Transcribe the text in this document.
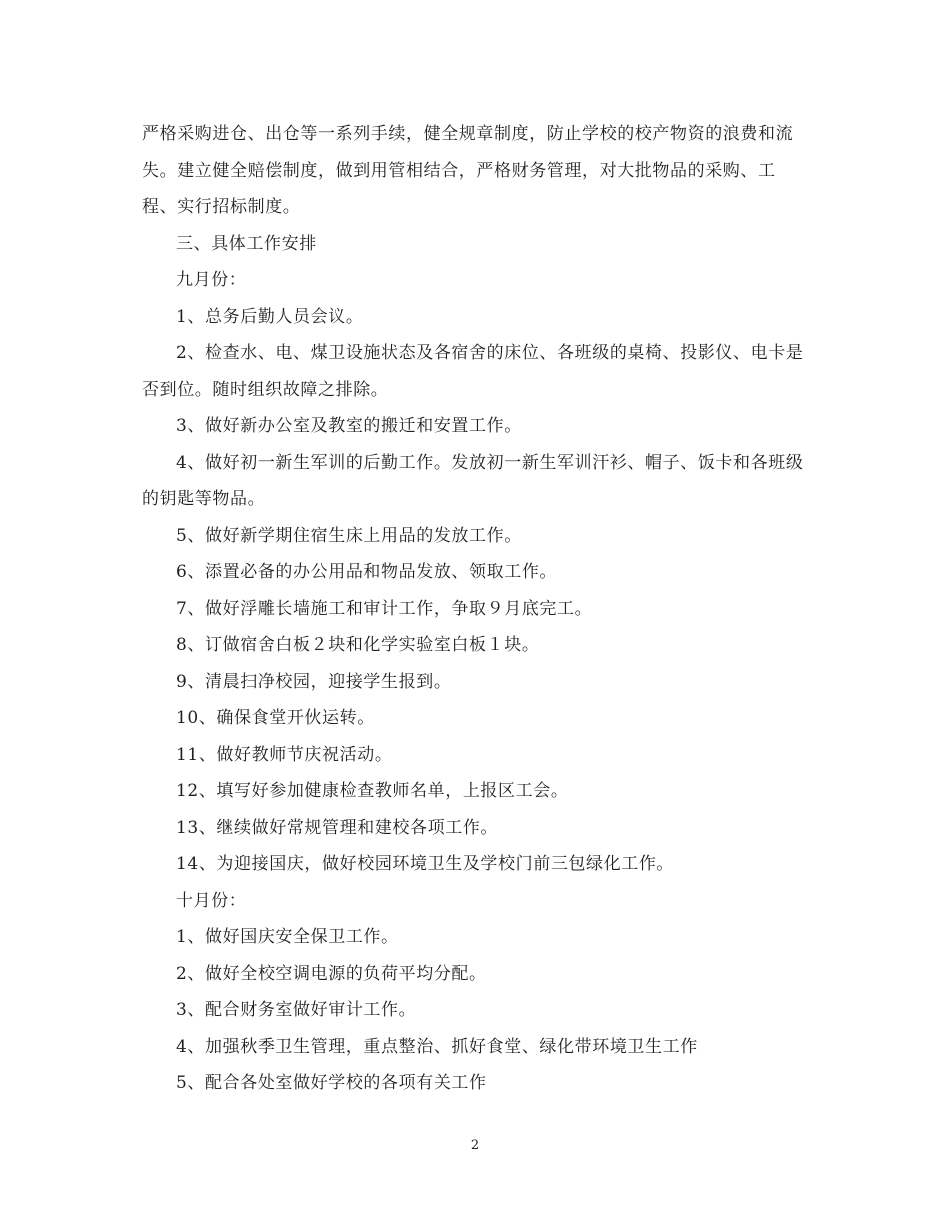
严格采购进仓、出仓等一系列手续，健全规章制度，防止学校的校产物资的浪费和流失。建立健全赔偿制度，做到用管相结合，严格财务管理，对大批物品的采购、工程、实行招标制度。

三、具体工作安排

九月份：

1、总务后勤人员会议。

2、检查水、电、煤卫设施状态及各宿舍的床位、各班级的桌椅、投影仪、电卡是否到位。随时组织故障之排除。

3、做好新办公室及教室的搬迁和安置工作。

4、做好初一新生军训的后勤工作。发放初一新生军训汗衫、帽子、饭卡和各班级的钥匙等物品。

5、做好新学期住宿生床上用品的发放工作。

6、添置必备的办公用品和物品发放、领取工作。

7、做好浮雕长墙施工和审计工作，争取９月底完工。

8、订做宿舍白板２块和化学实验室白板１块。

9、清晨扫净校园，迎接学生报到。

10、确保食堂开伙运转。

11、做好教师节庆祝活动。

12、填写好参加健康检查教师名单，上报区工会。

13、继续做好常规管理和建校各项工作。

14、为迎接国庆，做好校园环境卫生及学校门前三包绿化工作。

十月份：

1、做好国庆安全保卫工作。

2、做好全校空调电源的负荷平均分配。

3、配合财务室做好审计工作。

4、加强秋季卫生管理，重点整治、抓好食堂、绿化带环境卫生工作

5、配合各处室做好学校的各项有关工作

2
